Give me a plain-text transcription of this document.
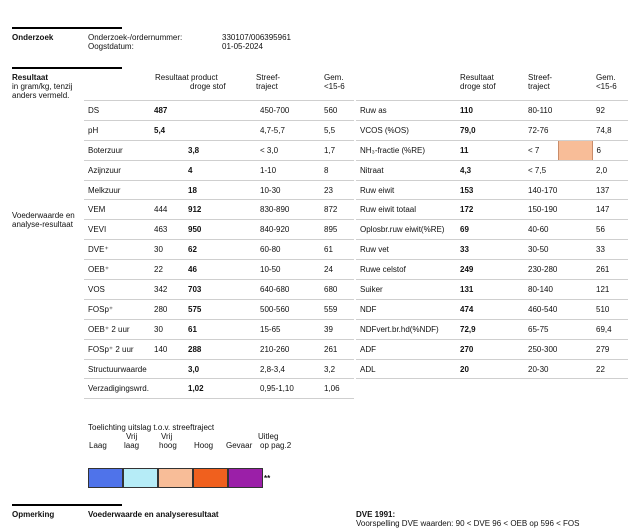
Onderzoek	Onderzoek-/ordernummer:	330107/006395961
Oogstdatum:	01-05-2024
Resultaat
in gram/kg, tenzij anders vermeld.
Voederwaarde en analyse-resultaat
Resultaat product
droge stof
Streef-traject
Gem. <15-6
DS	487		450-700	560
pH	5,4		4,7-5,7	5,5
Boterzuur		3,8	< 3,0	1,7
Azijnzuur		4	1-10	8
Melkzuur		18	10-30	23
VEM	444	912	830-890	872
VEVI	463	950	840-920	895
DVE⁺	30	62	60-80	61
OEB⁺	22	46	10-50	24
VOS	342	703	640-680	680
FOSp⁺	280	575	500-560	559
OEB⁺ 2 uur	30	61	15-65	39
FOSp⁺ 2 uur	140	288	210-260	261
Structuurwaarde		3,0	2,8-3,4	3,2
Verzadigingswrd.		1,02	0,95-1,10	1,06
Resultaat
droge stof
Streef-traject
Gem. <15-6
Ruw as	110	80-110		92
VCOS (%OS)	79,0	72-76		74,8
NH₃-fractie (%RE)	11	< 7		6
Nitraat	4,3	< 7,5		2,0
Ruw eiwit	153	140-170		137
Ruw eiwit totaal	172	150-190		147
Oplosbr.ruw eiwit(%RE)	69	40-60		56
Ruw vet	33	30-50		33
Ruwe celstof	249	230-280		261
Suiker	131	80-140		121
NDF	474	460-540		510
NDFvert.br.hd(%NDF)	72,9	65-75		69,4
ADF	270	250-300		279
ADL	20	20-30		22
Toelichting uitslag t.o.v. streeftraject
Vrij	Vrij	Uitleg
Laag laag hoog Hoog Gevaar op pag.2
**
Opmerking	Voederwaarde en analyseresultaat	DVE 1991:
Voorspelling DVE waarden: 90 < DVE 96 < OEB op 596 < FOS
